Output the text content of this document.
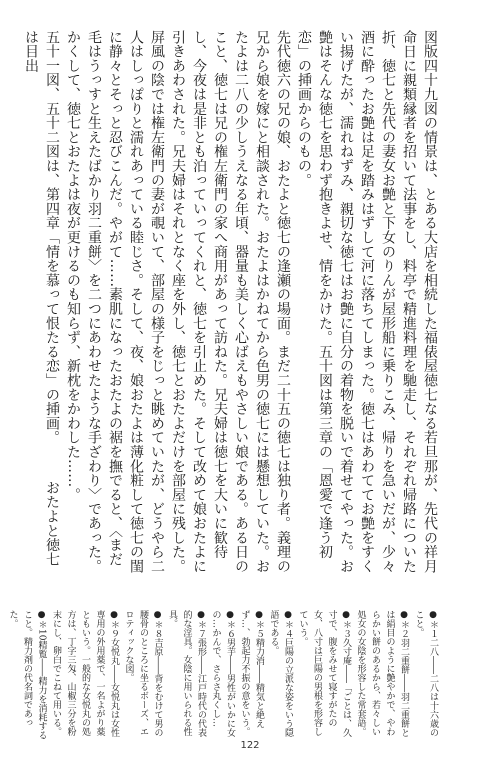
図版四十九図の情景は、とある大店を相続した福俵屋徳七なる若旦那が、先代の祥月命日に親類縁者を招いて法事をし、料亭で精進料理を馳走し、それぞれ帰路についた折、徳七と先代の妻女お艶と下女のりんが屋形船に乗りこみ、帰りを急いだが、少々酒に酔ったお艶は足を踏みはずして河に落ちてしまった。徳七はあわててお艶をすくい揚げたが、濡れねずみ、親切な徳七はお艶に自分の着物を脱いで着せてやった。お艶はそんな徳七を思わず抱きよせ、情をかけた。五十図は第三章の「恩愛で逢う初恋」の挿画からのもの。

先代徳六の兄の娘、おたよと徳七の逢瀬の場面。まだ二十五の徳七は独り者。義理の兄から娘を嫁にと相談された。おたよはかねてから色男の徳七には懸想していた。おたよは二八の少しうえなる年頃、器量も美しく心ばえもやさしい娘である。ある日のこと、徳七は兄の権左衛門の家へ商用があって訪ねた。兄夫婦は徳七を大いに歓待し、今夜は是非とも泊っていってくれと、徳七を引止めた。そして改めて娘おたよに引きあわされた。兄夫婦はそれとなく座を外し、徳七とおたよだけを部屋に残した。屏風の陰では権左衛門の妻が覗いて、部屋の様子をじっと眺めていたが、どうやら二人はしっぽりと濡れあっている睦じさ。そして、夜、娘おたよは薄化粧して徳七の閨に静々とそっと忍びこんだ。やがて……素肌になったおたよの裾を撫でると、〈まだ毛はうっすと生えたばかり羽二重餅〉を二つにあわせたような手ざわり〉であった。かくして、徳七とおたよは夜が更けるのも知らず、新枕をかわした……。

五十一図、五十二図は、第四章「情を慕って恨たる恋」の挿画。　　　おたよと徳七は目出

●＊１二八――二八は十六歳のこと。

●＊２羽二重餅――羽二重餅とは絹目のように艶やかで、やわらかい餅のあるから、若々しい処女の女陰を形容した常套語。

●＊３久寸庵――「ごとは、久寸で、腹をみせて寝すがたの女、八寸は巨陽の男根を形容していう。

●＊４巨陽の立派な姿をいう隠語である。

●＊５精力消――精気と絶えず…、勃起力不振の意をいう。

●＊６男芋――男性がいかに女の…かんで、さらさ丸くし…

●＊７張形――江戸時代の代表的な淫具。女陰に用いられる性具。

●＊８吉原――背をむけて男の腰骨のところに坐るボーズ、エロティックな図。

●＊９女悦丸――女悦丸は女性専用の外用薬で、一名よがり薬ともいう。一般的な女悦丸の処方は、丁字三匁、山椒三分を粉末にし、卵白でこねて用いる。

●＊10精覧――精力を消耗すること。精力剤の代名詞であった。

122
